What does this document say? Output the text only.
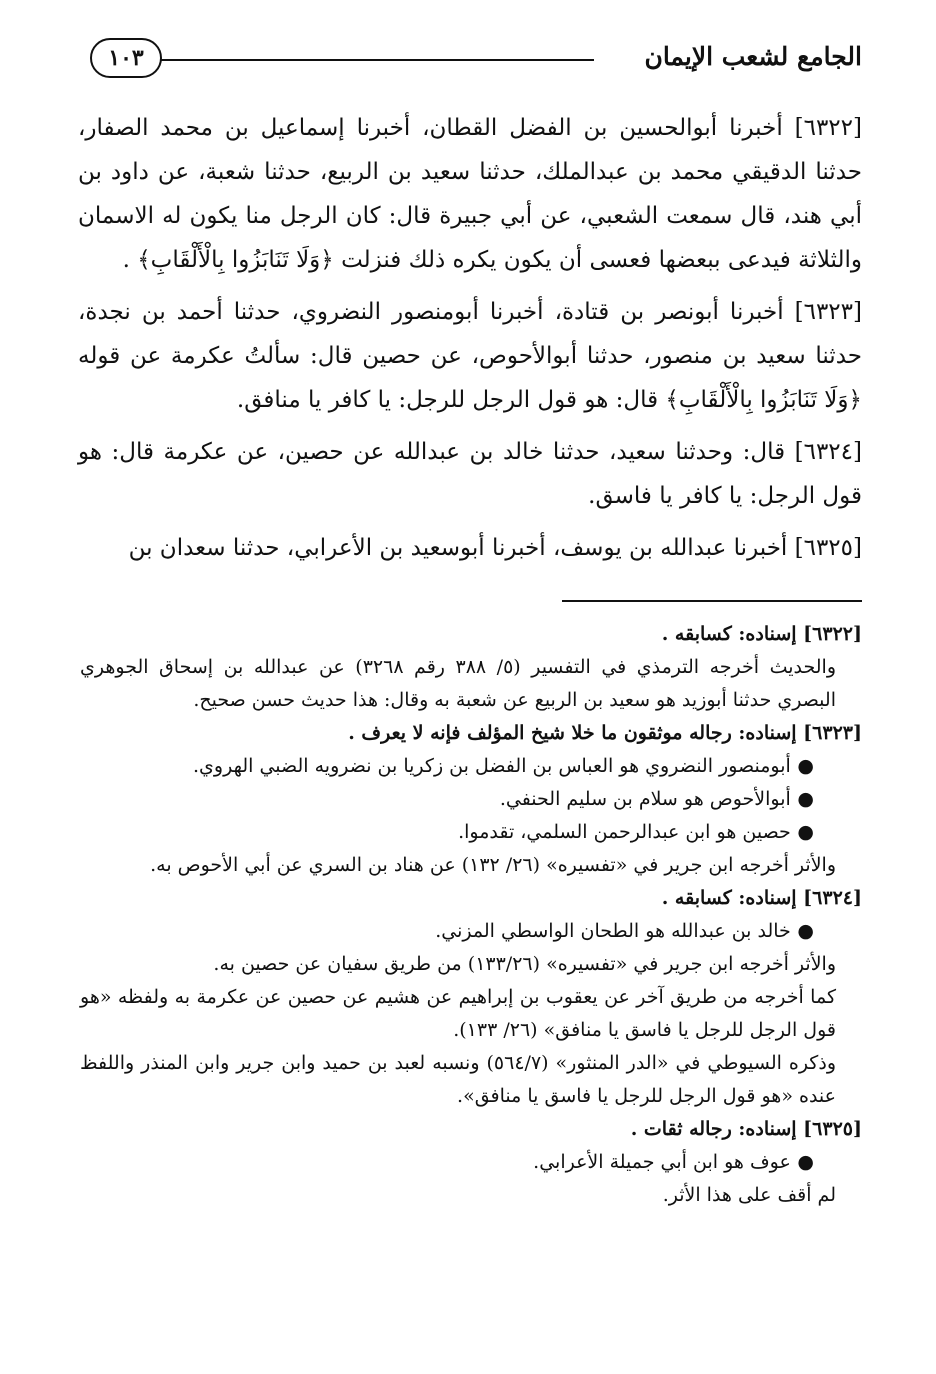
الجامع لشعب الإيمان
١٠٣

[٦٣٢٢] أخبرنا أبوالحسين بن الفضل القطان، أخبرنا إسماعيل بن محمد الصفار، حدثنا الدقيقي محمد بن عبدالملك، حدثنا سعيد بن الربيع، حدثنا شعبة، عن داود بن أبي هند، قال سمعت الشعبي، عن أبي جبيرة قال: كان الرجل منا يكون له الاسمان والثلاثة فيدعى ببعضها فعسى أن يكون يكره ذلك فنزلت ﴿وَلَا تَنَابَزُوا بِالْأَلْقَابِ﴾ .

[٦٣٢٣] أخبرنا أبونصر بن قتادة، أخبرنا أبومنصور النضروي، حدثنا أحمد بن نجدة، حدثنا سعيد بن منصور، حدثنا أبوالأحوص، عن حصين قال: سألتُ عكرمة عن قوله ﴿وَلَا تَنَابَزُوا بِالْأَلْقَابِ﴾ قال: هو قول الرجل للرجل: يا كافر يا منافق.

[٦٣٢٤] قال: وحدثنا سعيد، حدثنا خالد بن عبدالله عن حصين، عن عكرمة قال: هو قول الرجل: يا كافر يا فاسق.

[٦٣٢٥] أخبرنا عبدالله بن يوسف، أخبرنا أبوسعيد بن الأعرابي، حدثنا سعدان بن

[٦٣٢٢] إسناده: كسابقه .

والحديث أخرجه الترمذي في التفسير (٥/ ٣٨٨ رقم ٣٢٦٨) عن عبدالله بن إسحاق الجوهري البصري حدثنا أبوزيد هو سعيد بن الربيع عن شعبة به وقال: هذا حديث حسن صحيح.

[٦٣٢٣] إسناده: رجاله موثقون ما خلا شيخ المؤلف فإنه لا يعرف .

● أبومنصور النضروي هو العباس بن الفضل بن زكريا بن نضرويه الضبي الهروي.

● أبوالأحوص هو سلام بن سليم الحنفي.

● حصين هو ابن عبدالرحمن السلمي، تقدموا.

والأثر أخرجه ابن جرير في «تفسيره» (٢٦/ ١٣٢) عن هناد بن السري عن أبي الأحوص به.

[٦٣٢٤] إسناده: كسابقه .

● خالد بن عبدالله هو الطحان الواسطي المزني.

والأثر أخرجه ابن جرير في «تفسيره» (١٣٣/٢٦) من طريق سفيان عن حصين به.

كما أخرجه من طريق آخر عن يعقوب بن إبراهيم عن هشيم عن حصين عن عكرمة به ولفظه «هو قول الرجل للرجل يا فاسق يا منافق» (٢٦/ ١٣٣).

وذكره السيوطي في «الدر المنثور» (٥٦٤/٧) ونسبه لعبد بن حميد وابن جرير وابن المنذر واللفظ عنده «هو قول الرجل للرجل يا فاسق يا منافق».

[٦٣٢٥] إسناده: رجاله ثقات .

● عوف هو ابن أبي جميلة الأعرابي.

لم أقف على هذا الأثر.
